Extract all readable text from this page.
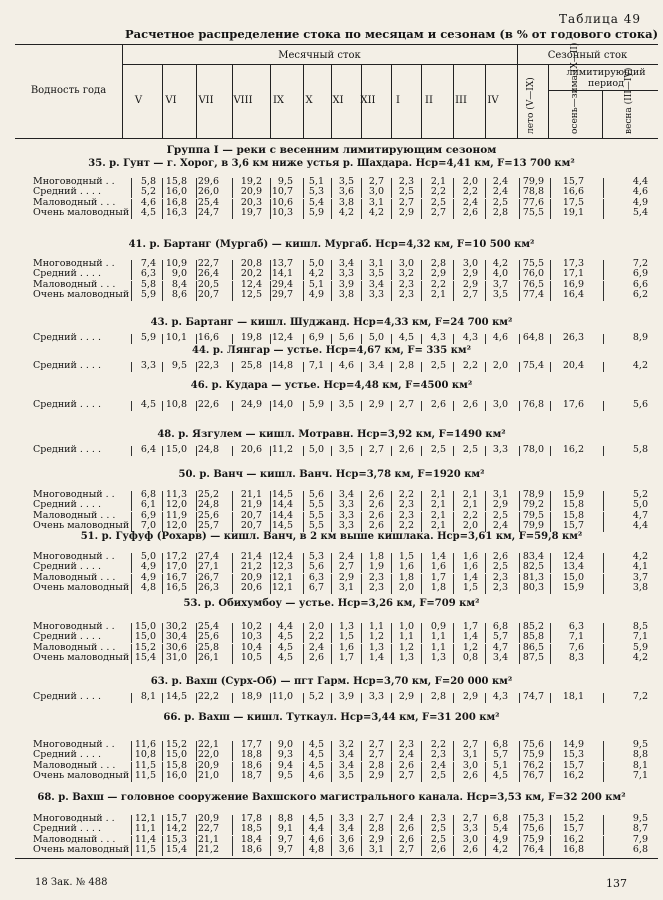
Таблица 49
Расчетное распределение стока по месяцам и сезонам (в % от годового стока)
Водность года
Месячный сток	Сезонный сток
лимитирующий период
V	VI	VII	VIII	IX	X	XI	XII	I	II	III	IV	лето (V—IX)	осень—зима (X—II)	весна (III—IV)
Группа I — реки с весенним лимитирующим сезоном
35. р. Гунт — г. Хорог, в 3,6 км ниже устья р. Шахдара. Hср=4,41 км, F=13 700 км²
Многоводный . .	5,8	15,8	29,6	19,2	9,5	5,1	3,5	2,7	2,3	2,1	2,0	2,4	79,9	15,7	4,4
Средний . . . .	5,2	16,0	26,0	20,9	10,7	5,3	3,6	3,0	2,5	2,2	2,2	2,4	78,8	16,6	4,6
Маловодный . . .	4,6	16,8	25,4	20,3	10,6	5,4	3,8	3,1	2,7	2,5	2,4	2,5	77,6	17,5	4,9
Очень маловодный	4,5	16,3	24,7	19,7	10,3	5,9	4,2	4,2	2,9	2,7	2,6	2,8	75,5	19,1	5,4
41. р. Бартанг (Мургаб) — кишл. Мургаб. Hср=4,32 км, F=10 500 км²
Многоводный . .	7,4	10,9	22,7	20,8	13,7	5,0	3,4	3,1	3,0	2,8	3,0	4,2	75,5	17,3	7,2
Средний . . . .	6,3	9,0	26,4	20,2	14,1	4,2	3,3	3,5	3,2	2,9	2,9	4,0	76,0	17,1	6,9
Маловодный . . .	5,8	8,4	20,5	12,4	29,4	5,1	3,9	3,4	2,3	2,2	2,9	3,7	76,5	16,9	6,6
Очень маловодный	5,9	8,6	20,7	12,5	29,7	4,9	3,8	3,3	2,3	2,1	2,7	3,5	77,4	16,4	6,2
43. р. Бартанг — кишл. Шуджанд. Hср=4,33 км, F=24 700 км²
Средний . . . .	5,9	10,1	16,6	19,8	12,4	6,9	5,6	5,0	4,5	4,3	4,3	4,6	64,8	26,3	8,9
44. р. Лянгар — устье. Hср=4,67 км, F= 335 км²
Средний . . . .	3,3	9,5	22,3	25,8	14,8	7,1	4,6	3,4	2,8	2,5	2,2	2,0	75,4	20,4	4,2
46. р. Кудара — устье. Hср=4,48 км, F=4500 км²
Средний . . . .	4,5	10,8	22,6	24,9	14,0	5,9	3,5	2,9	2,7	2,6	2,6	3,0	76,8	17,6	5,6
48. р. Язгулем — кишл. Мотравн. Hср=3,92 км, F=1490 км²
Средний . . . .	6,4	15,0	24,8	20,6	11,2	5,0	3,5	2,7	2,6	2,5	2,5	3,3	78,0	16,2	5,8
50. р. Ванч — кишл. Ванч. Hср=3,78 км, F=1920 км²
Многоводный . .	6,8	11,3	25,2	21,1	14,5	5,6	3,4	2,6	2,2	2,1	2,1	3,1	78,9	15,9	5,2
Средний . . . .	6,1	12,0	24,8	21,9	14,4	5,5	3,3	2,6	2,3	2,1	2,1	2,9	79,2	15,8	5,0
Маловодный . . .	6,9	11,9	25,6	20,7	14,4	5,5	3,3	2,6	2,3	2,1	2,2	2,5	79,5	15,8	4,7
Очень маловодный	7,0	12,0	25,7	20,7	14,5	5,5	3,3	2,6	2,2	2,1	2,0	2,4	79,9	15,7	4,4
51. р. Гуфуф (Рохарв) — кишл. Ванч, в 2 км выше кишлака. Hср=3,61 км, F=59,8 км²
Многоводный . .	5,0	17,2	27,4	21,4	12,4	5,3	2,4	1,8	1,5	1,4	1,6	2,6	83,4	12,4	4,2
Средний . . . .	4,9	17,0	27,1	21,2	12,3	5,6	2,7	1,9	1,6	1,6	1,6	2,5	82,5	13,4	4,1
Маловодный . . .	4,9	16,7	26,7	20,9	12,1	6,3	2,9	2,3	1,8	1,7	1,4	2,3	81,3	15,0	3,7
Очень маловодный	4,8	16,5	26,3	20,6	12,1	6,7	3,1	2,3	2,0	1,8	1,5	2,3	80,3	15,9	3,8
53. р. Обихумбоу — устье. Hср=3,26 км, F=709 км²
Многоводный . .	15,0	30,2	25,4	10,2	4,4	2,0	1,3	1,1	1,0	0,9	1,7	6,8	85,2	6,3	8,5
Средний . . . .	15,0	30,4	25,6	10,3	4,5	2,2	1,5	1,2	1,1	1,1	1,4	5,7	85,8	7,1	7,1
Маловодный . . .	15,2	30,6	25,8	10,4	4,5	2,4	1,6	1,3	1,2	1,1	1,2	4,7	86,5	7,6	5,9
Очень маловодный 15,4	31,0	26,1	10,5	4,5	2,6	1,7	1,4	1,3	1,3	0,8	3,4	87,5	8,3	4,2
63. р. Вахш (Сурх-Об) — пгт Гарм. Hср=3,70 км, F=20 000 км²
Средний . . . .	8,1	14,5	22,2	18,9	11,0	5,2	3,9	3,3	2,9	2,8	2,9	4,3	74,7	18,1	7,2
66. р. Вахш — кишл. Туткаул. Hср=3,44 км, F=31 200 км²
Многоводный . .	11,6	15,2	22,1	17,7	9,0	4,5	3,2	2,7	2,3	2,2	2,7	6,8	75,6	14,9	9,5
Средний . . . .	10,8	15,0	22,0	18,8	9,3	4,5	3,4	2,7	2,4	2,3	3,1	5,7	75,9	15,3	8,8
Маловодный . . .	11,5	15,8	20,9	18,6	9,4	4,5	3,4	2,8	2,6	2,4	3,0	5,1	76,2	15,7	8,1
Очень маловодный 11,5	16,0	21,0	18,7	9,5	4,6	3,5	2,9	2,7	2,5	2,6	4,5	76,7	16,2	7,1
68. р. Вахш — головное сооружение Вахшского магистрального канала. Hср=3,53 км, F=32 200 км²
Многоводный . .	12,1	15,7	20,9	17,8	8,8	4,5	3,3	2,7	2,4	2,3	2,7	6,8	75,3	15,2	9,5
Средний . . . .	11,1	14,2	22,7	18,5	9,1	4,4	3,4	2,8	2,6	2,5	3,3	5,4	75,6	15,7	8,7
Маловодный . . .	11,4	15,3	21,1	18,4	9,7	4,6	3,6	2,9	2,6	2,5	3,0	4,9	75,9	16,2	7,9
Очень маловодный 11,5	15,4	21,2	18,6	9,7	4,8	3,6	3,1	2,7	2,6	2,6	4,2	76,4	16,8	6,8
18 Зак. № 488	137
